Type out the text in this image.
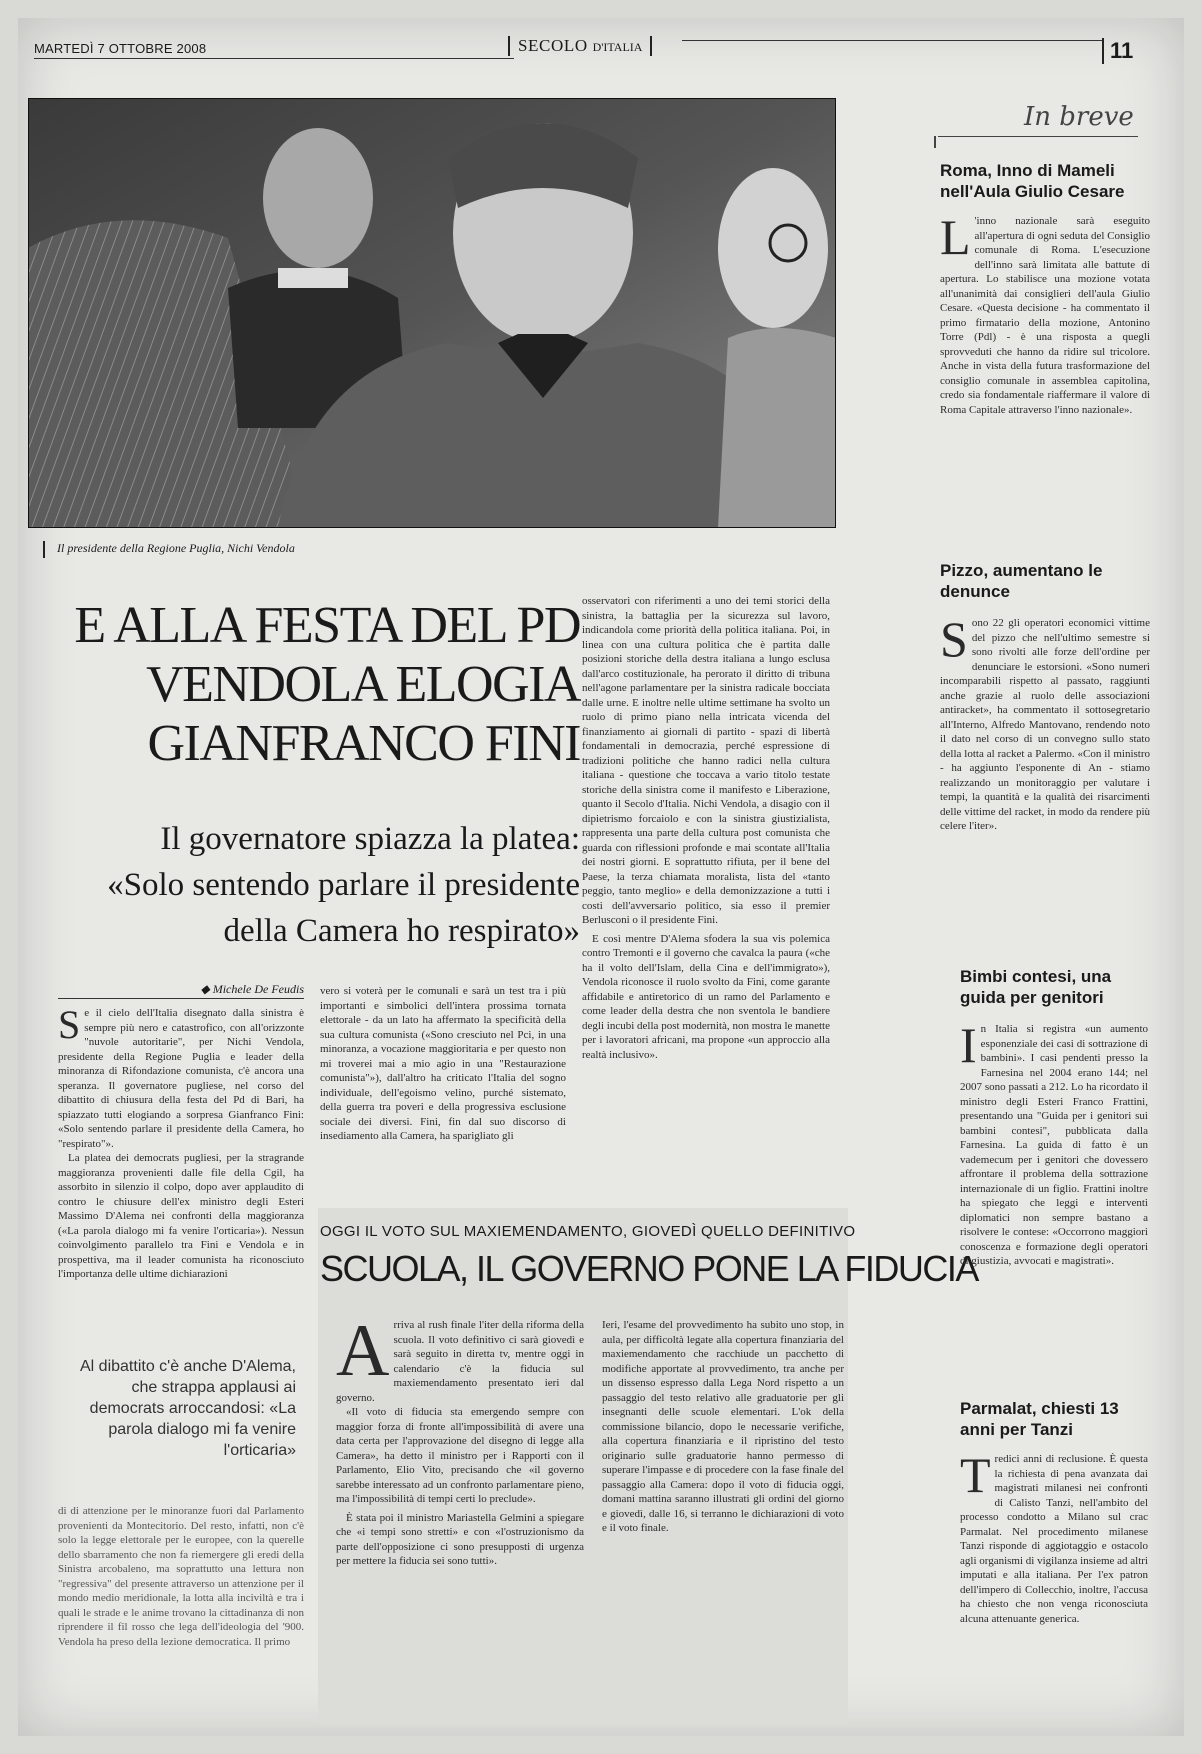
MARTEDÌ 7 OTTOBRE 2008	SECOLO D'ITALIA	11
Il presidente della Regione Puglia, Nichi Vendola
E ALLA FESTA DEL PD
VENDOLA ELOGIA
GIANFRANCO FINI
Il governatore spiazza la platea:
«Solo sentendo parlare il presidente
della Camera ho respirato»
◆ Michele De Feudis
S e il cielo dell'Italia disegnato dalla sinistra è sempre più nero e catastrofico, con all'orizzonte "nuvole autoritarie", per Nichi Vendola, presidente della Regione Puglia e leader della minoranza di Rifondazione comunista, c'è ancora una speranza. Il governatore pugliese, nel corso del dibattito di chiusura della festa del Pd di Bari, ha spiazzato tutti elogiando a sorpresa Gianfranco Fini: «Solo sentendo parlare il presidente della Camera, ho "respirato"».

La platea dei democrats pugliesi, per la stragrande maggioranza provenienti dalle file della Cgil, ha assorbito in silenzio il colpo, dopo aver applaudito di contro le chiusure dell'ex ministro degli Esteri Massimo D'Alema nei confronti della maggioranza («La parola dialogo mi fa venire l'orticaria»). Nessun coinvolgimento parallelo tra Fini e Vendola e in prospettiva, ma il leader comunista ha riconosciuto l'importanza delle ultime dichiarazioni

Al dibattito c'è anche D'Alema, che strappa applausi ai democrats arroccandosi: «La parola dialogo mi fa venire l'orticaria»
di di attenzione per le minoranze fuori dal Parlamento provenienti da Montecitorio. Del resto, infatti, non c'è solo la legge elettorale per le europee, con la querelle dello sbarramento che non fa riemergere gli eredi della Sinistra arcobaleno, ma soprattutto una lettura non "regressiva" del presente attraverso un attenzione per il mondo medio meridionale, la lotta alla inciviltà e tra i quali le strade e le anime trovano la cittadinanza di non riprendere il fil rosso che lega dell'ideologia del '900. Vendola ha preso della lezione democratica. Il primo
vero si voterà per le comunali e sarà un test tra i più importanti e simbolici dell'intera prossima tornata elettorale - da un lato ha affermato la specificità della sua cultura comunista («Sono cresciuto nel Pci, in una minoranza, a vocazione maggioritaria e per questo non mi troverei mai a mio agio in una "Restaurazione comunista"»), dall'altro ha criticato l'Italia del sogno individuale, dell'egoismo velino, purché sistemato, della guerra tra poveri e della progressiva esclusione sociale dei diversi. Fini, fin dal suo discorso di insediamento alla Camera, ha sparigliato gli

osservatori con riferimenti a uno dei temi storici della sinistra, la battaglia per la sicurezza sul lavoro, indicandola come priorità della politica italiana. Poi, in linea con una cultura politica che è partita dalle posizioni storiche della destra italiana a lungo esclusa dall'arco costituzionale, ha perorato il diritto di tribuna nell'agone parlamentare per la sinistra radicale bocciata dalle urne. E inoltre nelle ultime settimane ha svolto un ruolo di primo piano nella intricata vicenda del finanziamento ai giornali di partito - spazi di libertà fondamentali in democrazia, perché espressione di tradizioni politiche che hanno radici nella cultura italiana - questione che toccava a vario titolo testate storiche della sinistra come il manifesto e Liberazione, quanto il Secolo d'Italia. Nichi Vendola, a disagio con il dipietrismo forcaiolo e con la sinistra giustizialista, rappresenta una parte della cultura post comunista che guarda con riflessioni profonde e mai scontate all'Italia dei nostri giorni. E soprattutto rifiuta, per il bene del Paese, la terza chiamata moralista, lista del «tanto peggio, tanto meglio» e della demonizzazione a tutti i costi dell'avversario politico, sia esso il premier Berlusconi o il presidente Fini.

E così mentre D'Alema sfodera la sua vis polemica contro Tremonti e il governo che cavalca la paura («che ha il volto dell'Islam, della Cina e dell'immigrato»), Vendola riconosce il ruolo svolto da Fini, come garante affidabile e antiretorico di un ramo del Parlamento e come leader della destra che non sventola le bandiere degli incubi della post modernità, non mostra le manette per i lavoratori africani, ma propone «un approccio alla realtà inclusivo».

OGGI IL VOTO SUL MAXIEMENDAMENTO, GIOVEDÌ QUELLO DEFINITIVO
SCUOLA, IL GOVERNO PONE LA FIDUCIA
A rriva al rush finale l'iter della riforma della scuola. Il voto definitivo ci sarà giovedì e sarà seguito in diretta tv, mentre oggi in calendario c'è la fiducia sul maxiemendamento presentato ieri dal governo.

«Il voto di fiducia sta emergendo sempre con maggior forza di fronte all'impossibilità di avere una data certa per l'approvazione del disegno di legge alla Camera», ha detto il ministro per i Rapporti con il Parlamento, Elio Vito, precisando che «il governo sarebbe interessato ad un confronto parlamentare pieno, ma l'impossibilità di tempi certi lo preclude».

È stata poi il ministro Mariastella Gelmini a spiegare che «i tempi sono stretti» e con «l'ostruzionismo da parte dell'opposizione ci sono presupposti di urgenza per mettere la fiducia sei sono tutti».

Ieri, l'esame del provvedimento ha subito uno stop, in aula, per difficoltà legate alla copertura finanziaria del maxiemendamento che racchiude un pacchetto di modifiche apportate al provvedimento, tra anche per un dissenso espresso dalla Lega Nord rispetto a un passaggio del testo relativo alle graduatorie per gli insegnanti delle scuole elementari. L'ok della commissione bilancio, dopo le necessarie verifiche, alla copertura finanziaria e il ripristino del testo originario sulle graduatorie hanno permesso di superare l'impasse e di procedere con la fase finale del passaggio alla Camera: dopo il voto di fiducia oggi, domani mattina saranno illustrati gli ordini del giorno e giovedì, dalle 16, si terranno le dichiarazioni di voto e il voto finale.
In breve
Roma, Inno di Mameli nell'Aula Giulio Cesare
L 'inno nazionale sarà eseguito all'apertura di ogni seduta del Consiglio comunale di Roma. L'esecuzione dell'inno sarà limitata alle battute di apertura. Lo stabilisce una mozione votata all'unanimità dai consiglieri dell'aula Giulio Cesare. «Questa decisione - ha commentato il primo firmatario della mozione, Antonino Torre (Pdl) - è una risposta a quegli sprovveduti che hanno da ridire sul tricolore. Anche in vista della futura trasformazione del consiglio comunale in assemblea capitolina, credo sia fondamentale riaffermare il valore di Roma Capitale attraverso l'inno nazionale».
Pizzo, aumentano le denunce
S ono 22 gli operatori economici vittime del pizzo che nell'ultimo semestre si sono rivolti alle forze dell'ordine per denunciare le estorsioni. «Sono numeri incomparabili rispetto al passato, raggiunti anche grazie al ruolo delle associazioni antiracket», ha commentato il sottosegretario all'Interno, Alfredo Mantovano, rendendo noto il dato nel corso di un convegno sullo stato della lotta al racket a Palermo. «Con il ministro - ha aggiunto l'esponente di An - stiamo realizzando un monitoraggio per valutare i tempi, la quantità e la qualità dei risarcimenti delle vittime del racket, in modo da rendere più celere l'iter».
Bimbi contesi, una guida per genitori
I n Italia si registra «un aumento esponenziale dei casi di sottrazione di bambini». I casi pendenti presso la Farnesina nel 2004 erano 144; nel 2007 sono passati a 212. Lo ha ricordato il ministro degli Esteri Franco Frattini, presentando una "Guida per i genitori sui bambini contesi", pubblicata dalla Farnesina. La guida di fatto è un vademecum per i genitori che dovessero affrontare il problema della sottrazione internazionale di un figlio. Frattini inoltre ha spiegato che leggi e interventi diplomatici non sempre bastano a risolvere le contese: «Occorrono maggiori conoscenza e formazione degli operatori di giustizia, avvocati e magistrati».
Parmalat, chiesti 13 anni per Tanzi
T redici anni di reclusione. È questa la richiesta di pena avanzata dai magistrati milanesi nei confronti di Calisto Tanzi, nell'ambito del processo condotto a Milano sul crac Parmalat. Nel procedimento milanese Tanzi risponde di aggiotaggio e ostacolo agli organismi di vigilanza insieme ad altri imputati e alla italiana. Per l'ex patron dell'impero di Collecchio, inoltre, l'accusa ha chiesto che non venga riconosciuta alcuna attenuante generica.
